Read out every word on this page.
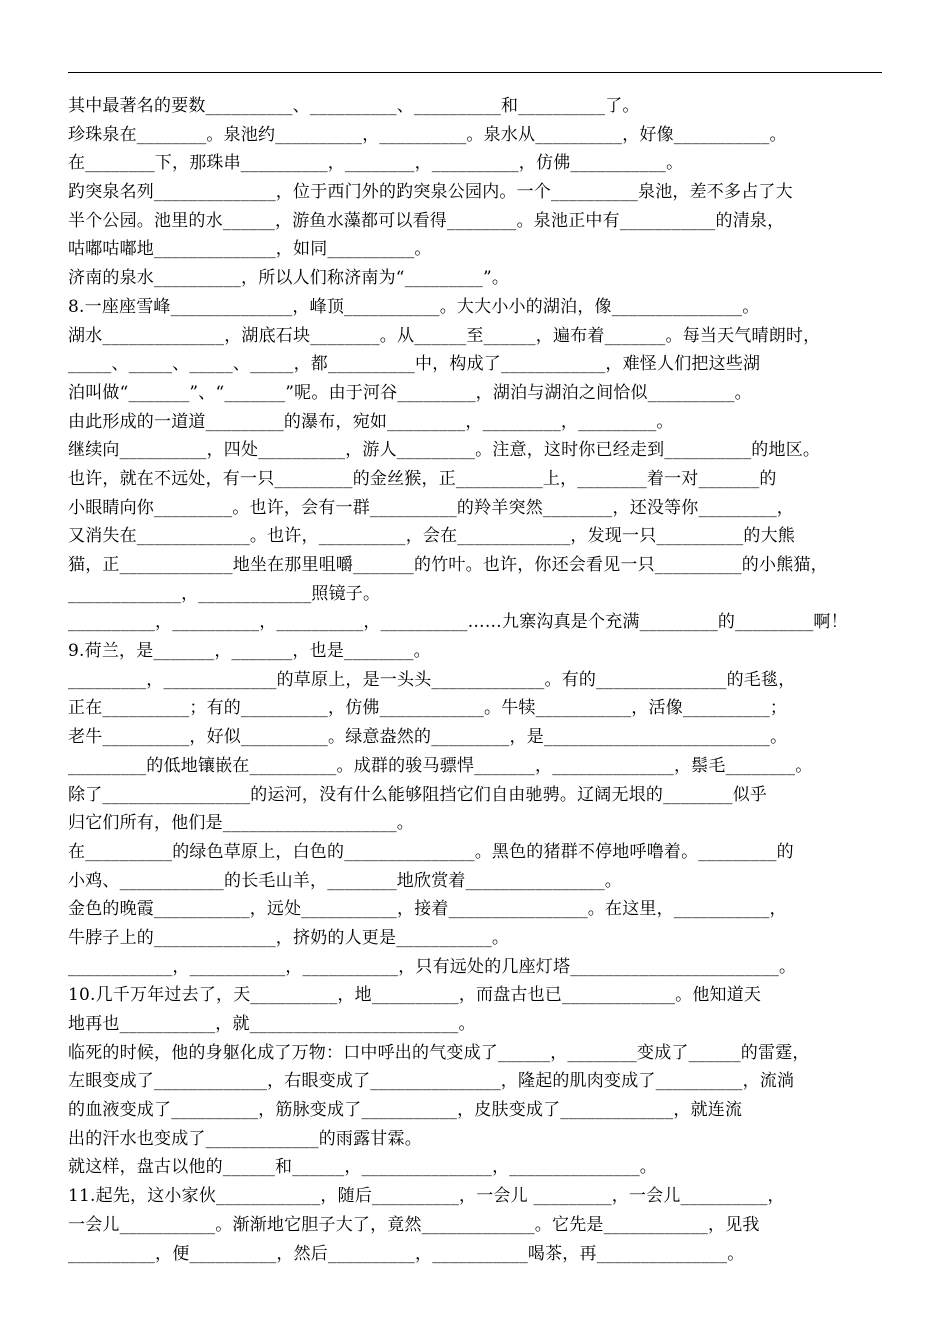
其中最著名的要数__________、__________、__________和__________了。
珍珠泉在________。泉池约__________，__________。泉水从__________，好像___________。
在________下，那珠串__________，________，__________，仿佛___________。
趵突泉名列______________，位于西门外的趵突泉公园内。一个__________泉池，差不多占了大
半个公园。池里的水______，游鱼水藻都可以看得________。泉池正中有___________的清泉，
咕嘟咕嘟地______________，如同__________。
济南的泉水__________，所以人们称济南为“_________”。
8.一座座雪峰______________，峰顶___________。大大小小的湖泊，像_______________。
湖水______________，湖底石块________。从______至______，遍布着_______。每当天气晴朗时，
_____、_____、_____、_____，都__________中，构成了____________，难怪人们把这些湖
泊叫做“_______”、“_______”呢。由于河谷_________，湖泊与湖泊之间恰似__________。
由此形成的一道道_________的瀑布，宛如_________，_________，_________。
继续向__________，四处__________，游人_________。注意，这时你已经走到__________的地区。
也许，就在不远处，有一只_________的金丝猴，正__________上，________着一对_______的
小眼睛向你_________。也许，会有一群__________的羚羊突然________，还没等你_________，
又消失在_____________。也许，__________，会在_____________，发现一只__________的大熊
猫，正_____________地坐在那里咀嚼_______的竹叶。也许，你还会看见一只__________的小熊猫，
_____________，_____________照镜子。
__________，__________，__________，__________……九寨沟真是个充满_________的_________啊！
9.荷兰，是_______，_______，也是________。
_________，_____________的草原上，是一头头_____________。有的_______________的毛毯，
正在__________；有的__________，仿佛____________。牛犊___________，活像__________；
老牛__________，好似__________。绿意盎然的_________，是__________________________。
_________的低地镶嵌在__________。成群的骏马骠悍_______，______________，鬃毛________。
除了_________________的运河，没有什么能够阻挡它们自由驰骋。辽阔无垠的________似乎
归它们所有，他们是____________________。
在__________的绿色草原上，白色的_______________。黑色的猪群不停地呼噜着。_________的
小鸡、____________的长毛山羊，________地欣赏着________________。
金色的晚霞___________，远处___________，接着________________。在这里，___________，
牛脖子上的______________，挤奶的人更是___________。
____________，___________，___________，只有远处的几座灯塔________________________。
10.几千万年过去了，天__________，地__________，而盘古也已_____________。他知道天
地再也___________，就________________________。
临死的时候，他的身躯化成了万物：口中呼出的气变成了______，________变成了______的雷霆，
左眼变成了_____________，右眼变成了_______________，隆起的肌肉变成了__________，流淌
的血液变成了__________，筋脉变成了___________，皮肤变成了_____________，就连流
出的汗水也变成了_____________的雨露甘霖。
就这样，盘古以他的______和______，_______________，_______________。
11.起先，这小家伙____________，随后__________，一会儿 _________，一会儿__________，
一会儿___________。渐渐地它胆子大了，竟然_____________。它先是____________，见我
__________，便__________，然后__________，___________喝茶，再_______________。
